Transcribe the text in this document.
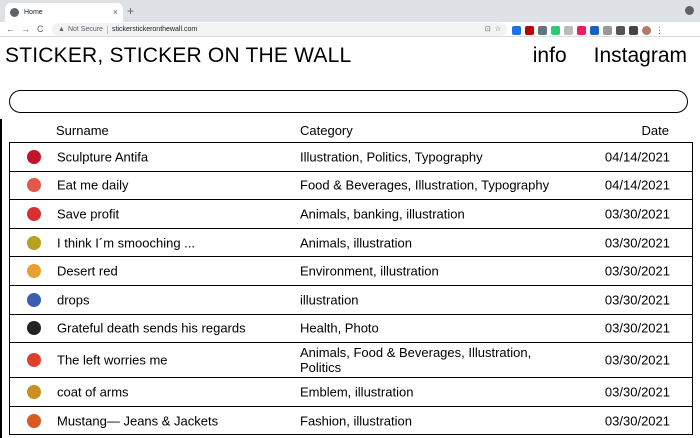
Home	× +
← → C ▲ Not Secure stickerstickeronthewall.com	⊡ ☆	⋮
STICKER, STICKER ON THE WALL	info Instagram
Surname	Category	Date
Sculpture Antifa	Illustration, Politics, Typography	04/14/2021
Eat me daily	Food & Beverages, Illustration, Typography	04/14/2021
Save profit	Animals, banking, illustration	03/30/2021
I think I´m smooching ...	Animals, illustration	03/30/2021
Desert red	Environment, illustration	03/30/2021
drops	illustration	03/30/2021
Grateful death sends his regards	Health, Photo	03/30/2021
The left worries me	Animals, Food & Beverages, Illustration, Politics	03/30/2021
coat of arms	Emblem, illustration	03/30/2021
Mustang— Jeans & Jackets	Fashion, illustration	03/30/2021
